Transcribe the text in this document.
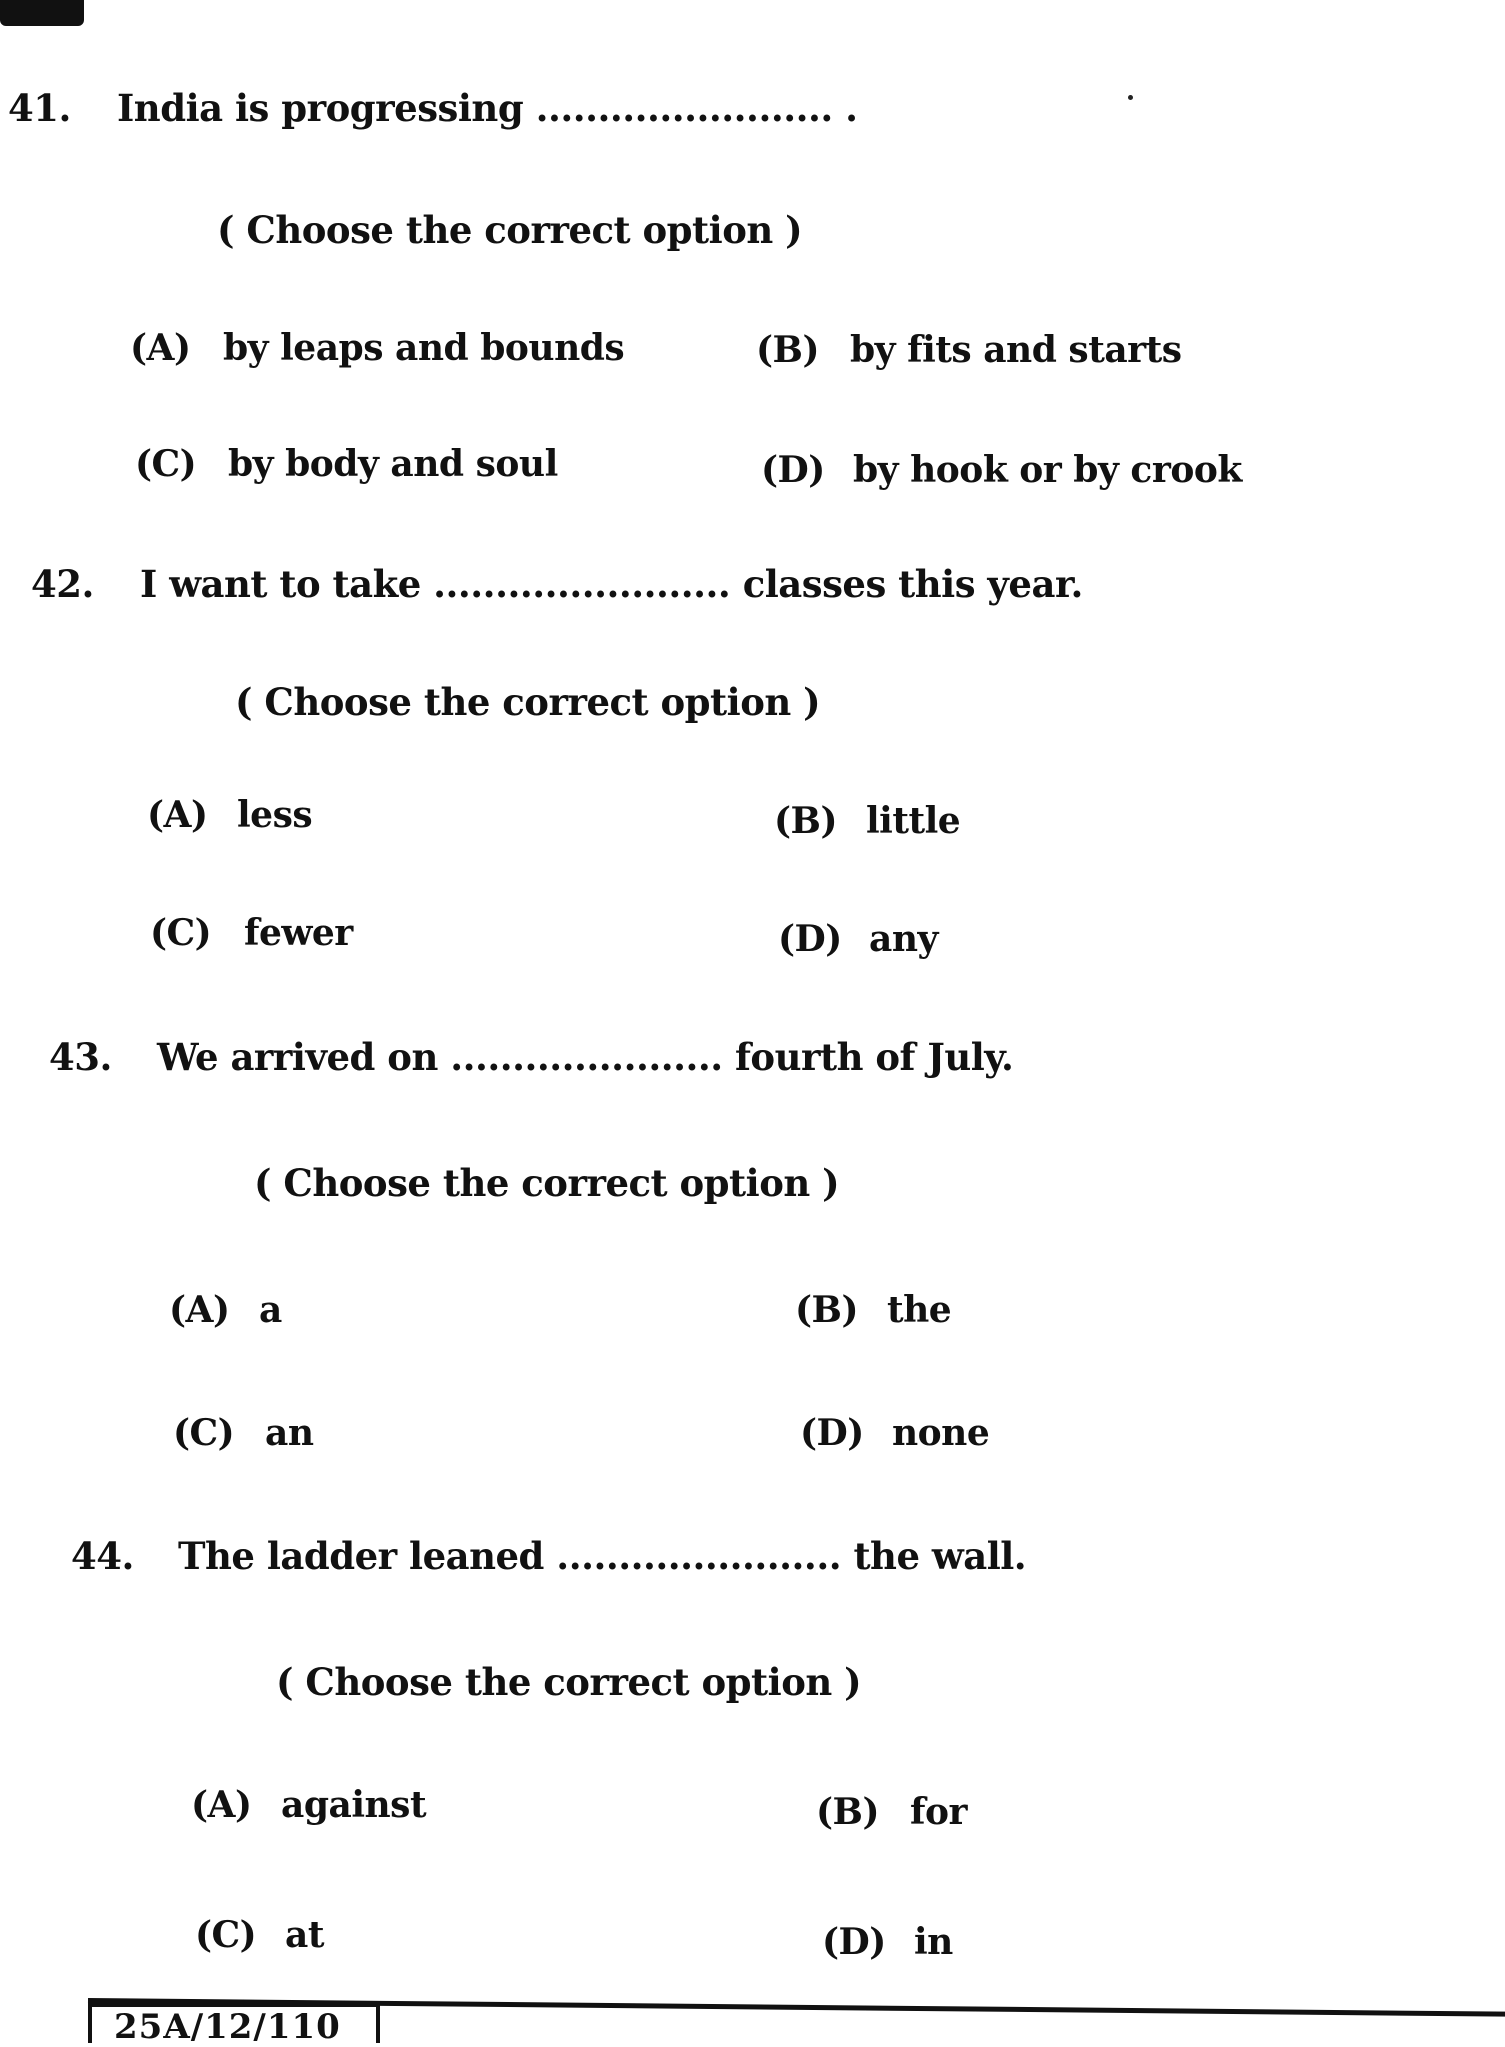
41. India is progressing ........................ .
( Choose the correct option )
(A) by leaps and bounds	(B) by fits and starts
(C) by body and soul	(D) by hook or by crook
42. I want to take ........................ classes this year.
( Choose the correct option )
(A) less	(B) little
(C) fewer	(D) any
43. We arrived on ...................... fourth of July.
( Choose the correct option )
(A) a	(B) the
(C) an	(D) none
44. The ladder leaned ....................... the wall.
( Choose the correct option )
(A) against	(B) for
(C) at	(D) in
25A/12/110
